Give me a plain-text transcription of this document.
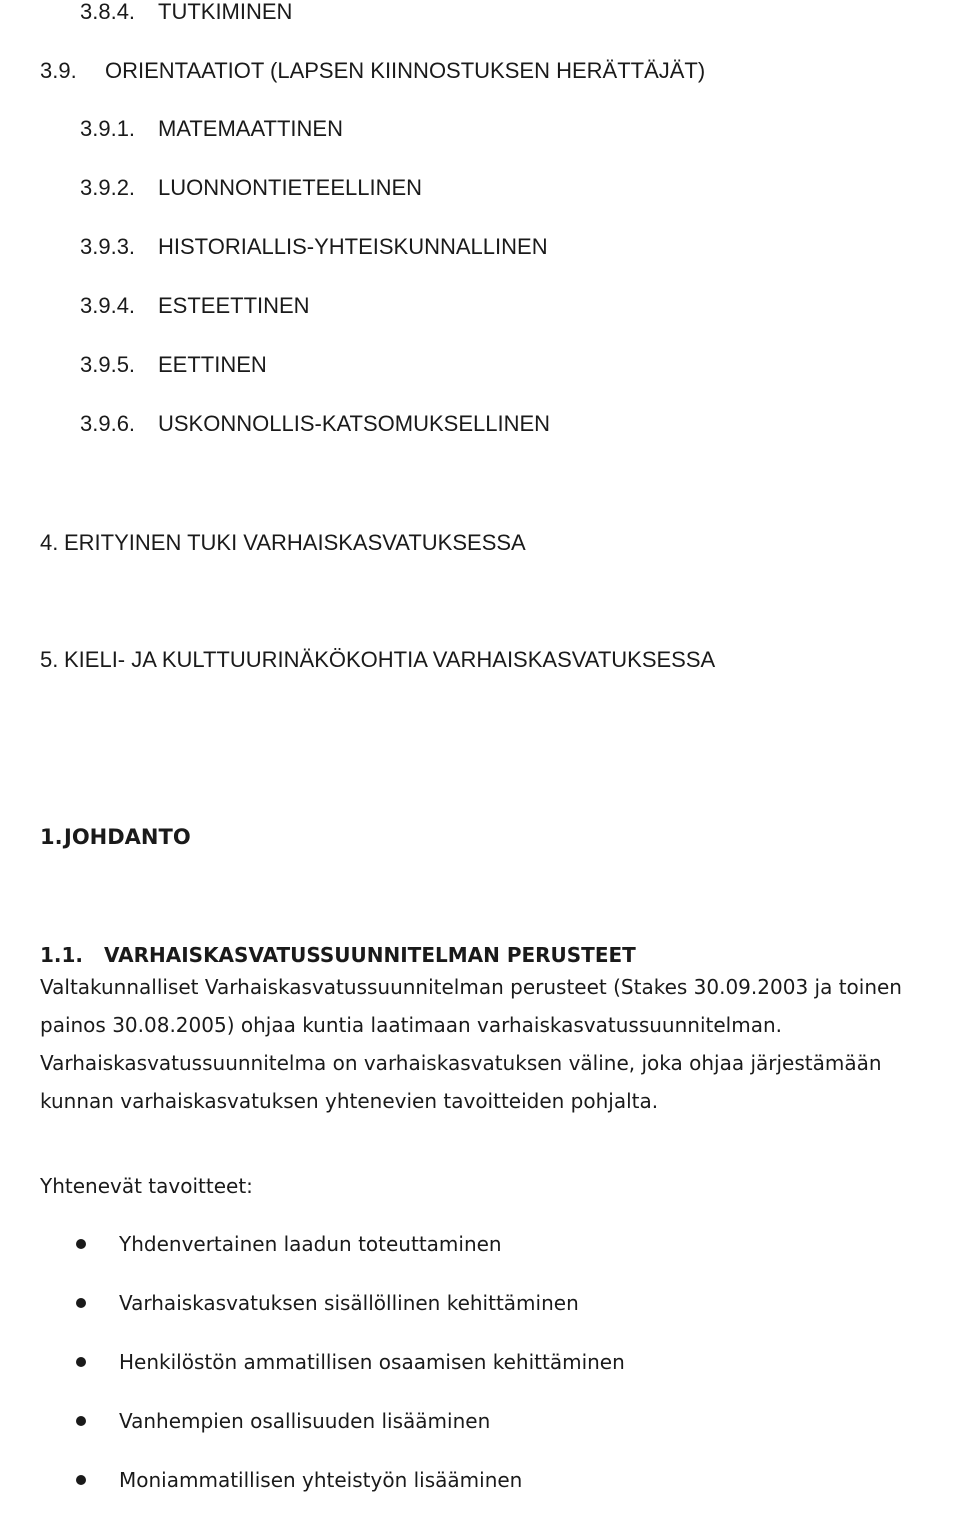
3.8.4. TUTKIMINEN
3.9. ORIENTAATIOT (LAPSEN KIINNOSTUKSEN HERÄTTÄJÄT)
3.9.1. MATEMAATTINEN
3.9.2. LUONNONTIETEELLINEN
3.9.3. HISTORIALLIS-YHTEISKUNNALLINEN
3.9.4. ESTEETTINEN
3.9.5. EETTINEN
3.9.6. USKONNOLLIS-KATSOMUKSELLINEN
4. ERITYINEN TUKI VARHAISKASVATUKSESSA
5. KIELI- JA KULTTUURINÄKÖKOHTIA VARHAISKASVATUKSESSA
1.JOHDANTO
1.1. VARHAISKASVATUSSUUNNITELMAN PERUSTEET
Valtakunnalliset Varhaiskasvatussuunnitelman perusteet (Stakes 30.09.2003 ja toinen painos 30.08.2005) ohjaa kuntia laatimaan varhaiskasvatussuunnitelman. Varhaiskasvatussuunnitelma on varhaiskasvatuksen väline, joka ohjaa järjestämään kunnan varhaiskasvatuksen yhtenevien tavoitteiden pohjalta.
Yhtenevät tavoitteet:
Yhdenvertainen laadun toteuttaminen
Varhaiskasvatuksen sisällöllinen kehittäminen
Henkilöstön ammatillisen osaamisen kehittäminen
Vanhempien osallisuuden lisääminen
Moniammatillisen yhteistyön lisääminen
